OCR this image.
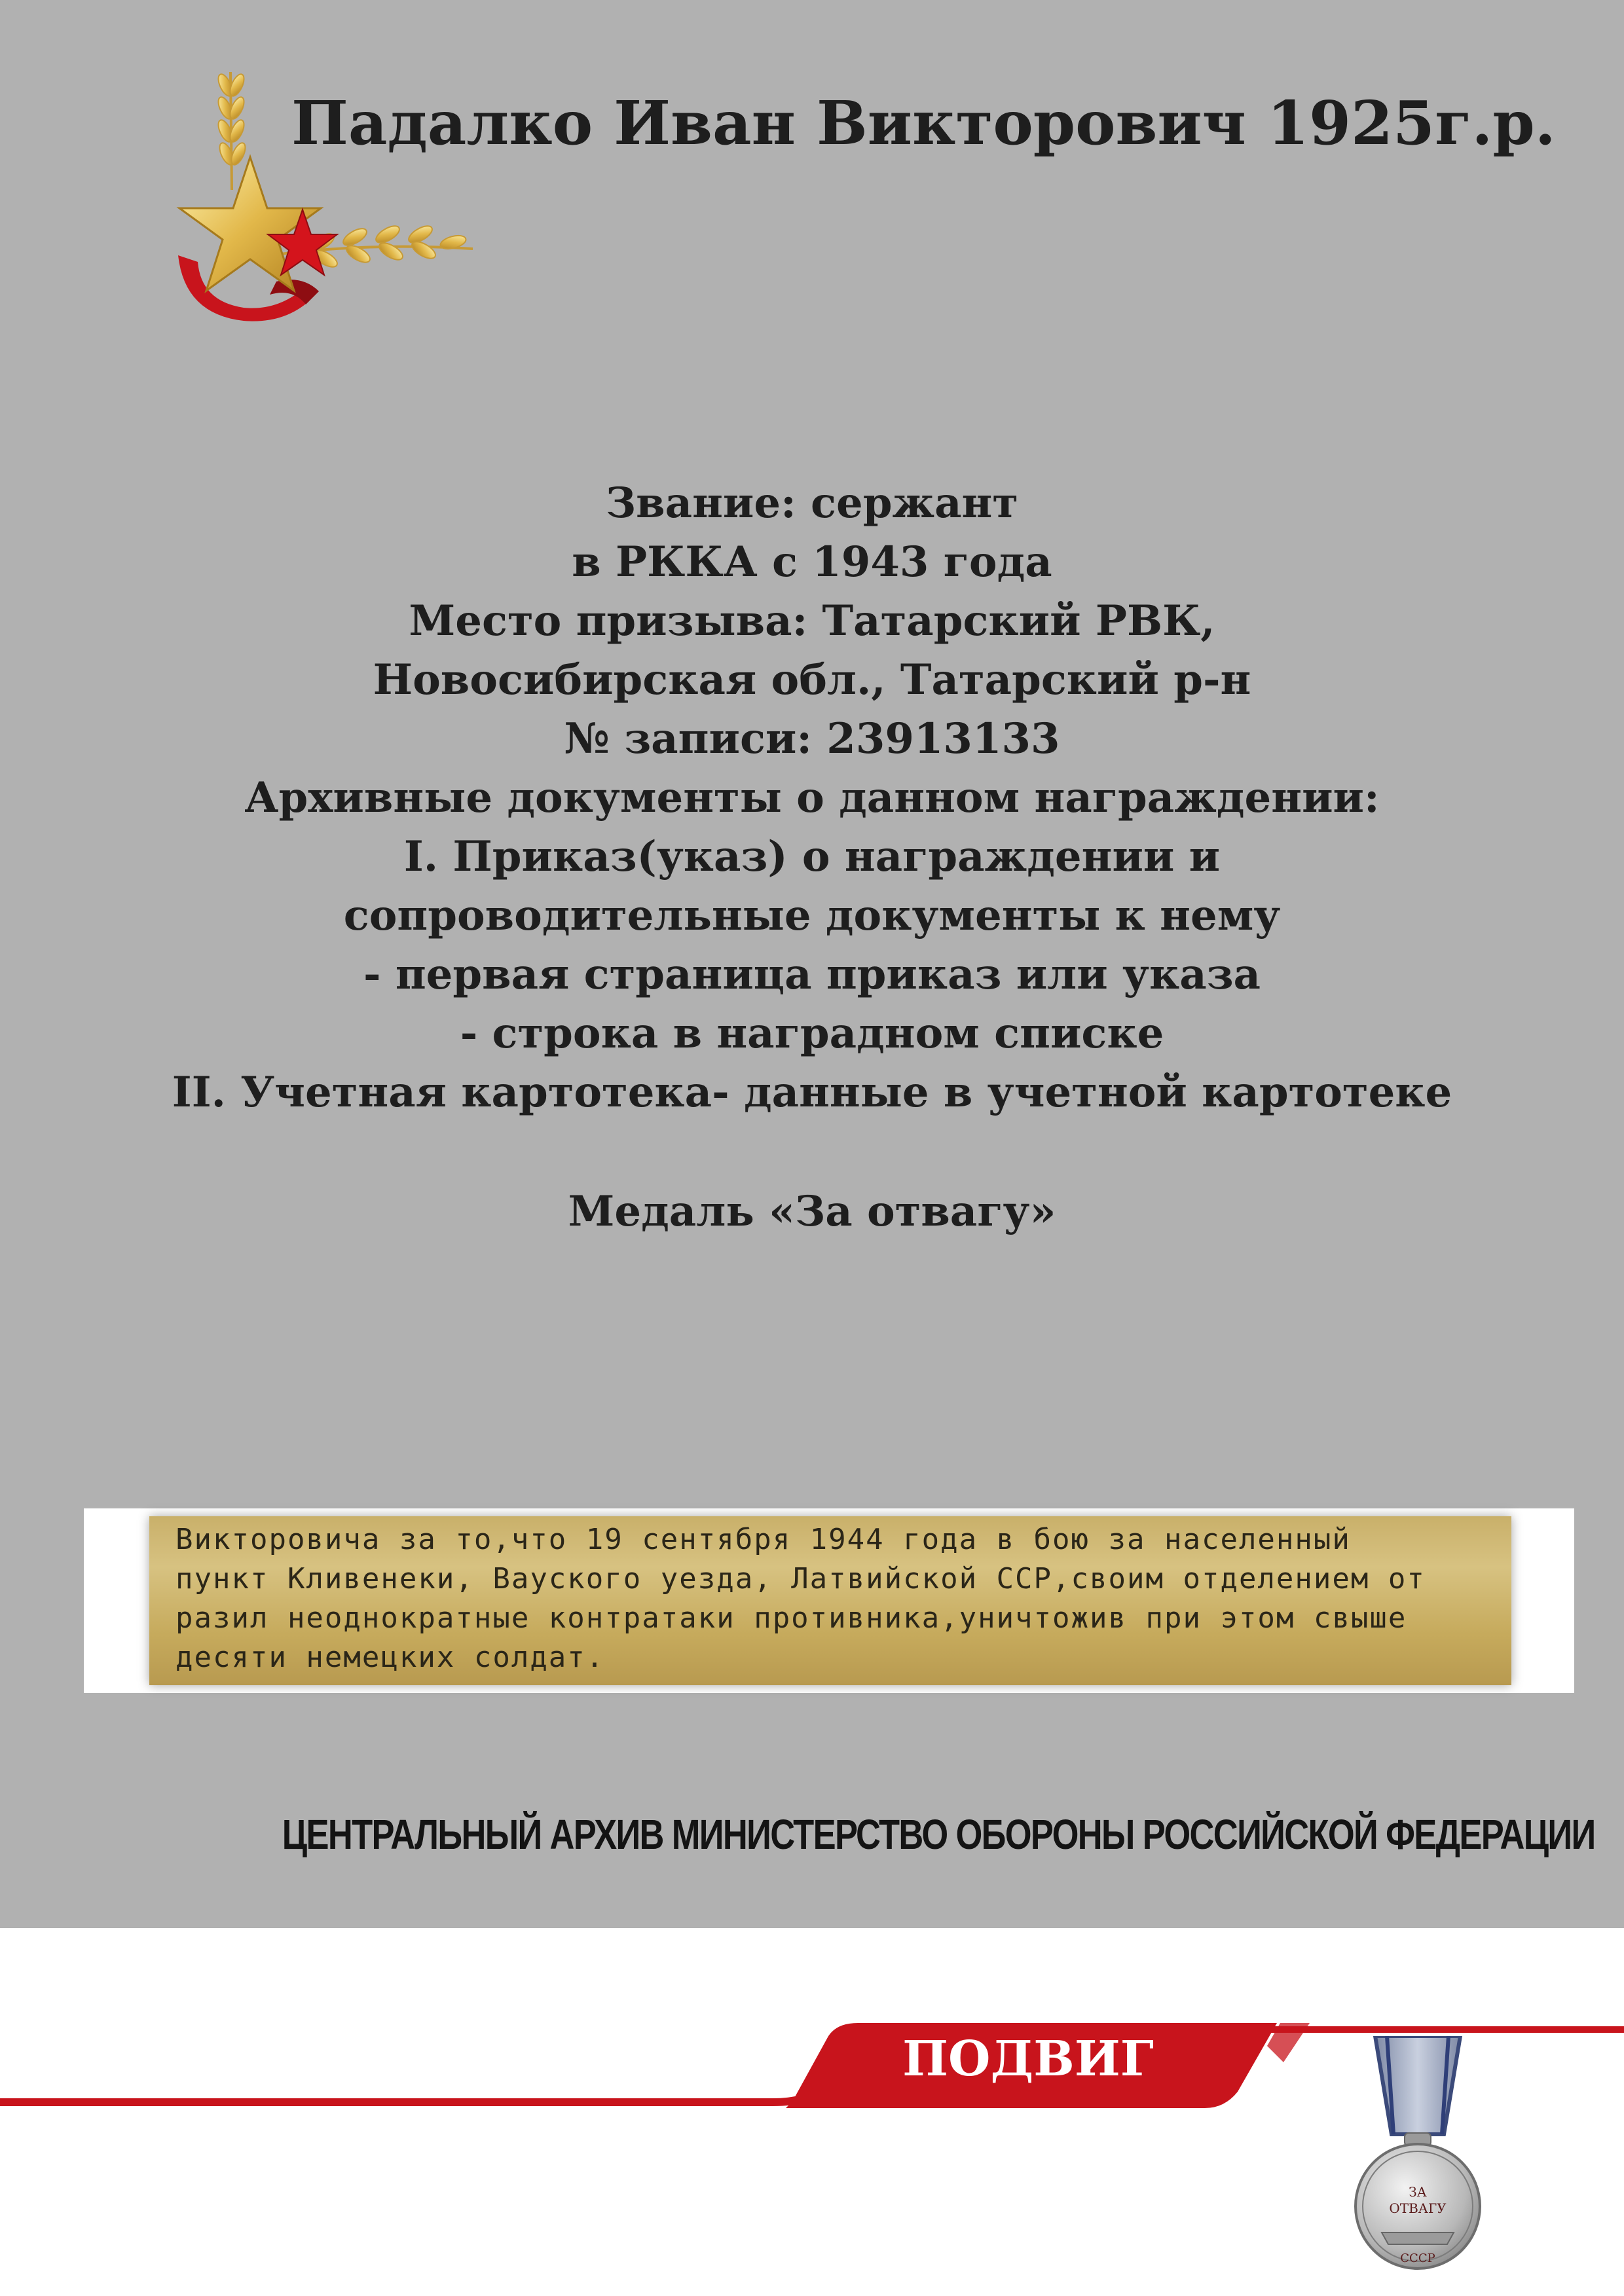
Падалко Иван Викторович 1925г.р.
Звание: сержант
в РККА с 1943 года
Место призыва: Татарский РВК,
Новосибирская обл., Татарский р-н
№ записи: 23913133
Архивные документы о данном награждении:
I. Приказ(указ) о награждении и
сопроводительные документы к нему
- первая страница приказ или указа
- строка в наградном списке
II. Учетная картотека- данные в учетной картотеке
Медаль «За отвагу»
Викторовича за то,что 19 сентября 1944 года в бою за населенный
пункт Кливенеки, Вауского уезда, Латвийской ССР,своим отделением от
разил неоднократные контратаки противника,уничтожив при этом свыше
десяти немецких солдат.
ЦЕНТРАЛЬНЫЙ АРХИВ МИНИСТЕРСТВО ОБОРОНЫ РОССИЙСКОЙ ФЕДЕРАЦИИ
ПОДВИГ
ЗА
ОТВАГУ
СССР
